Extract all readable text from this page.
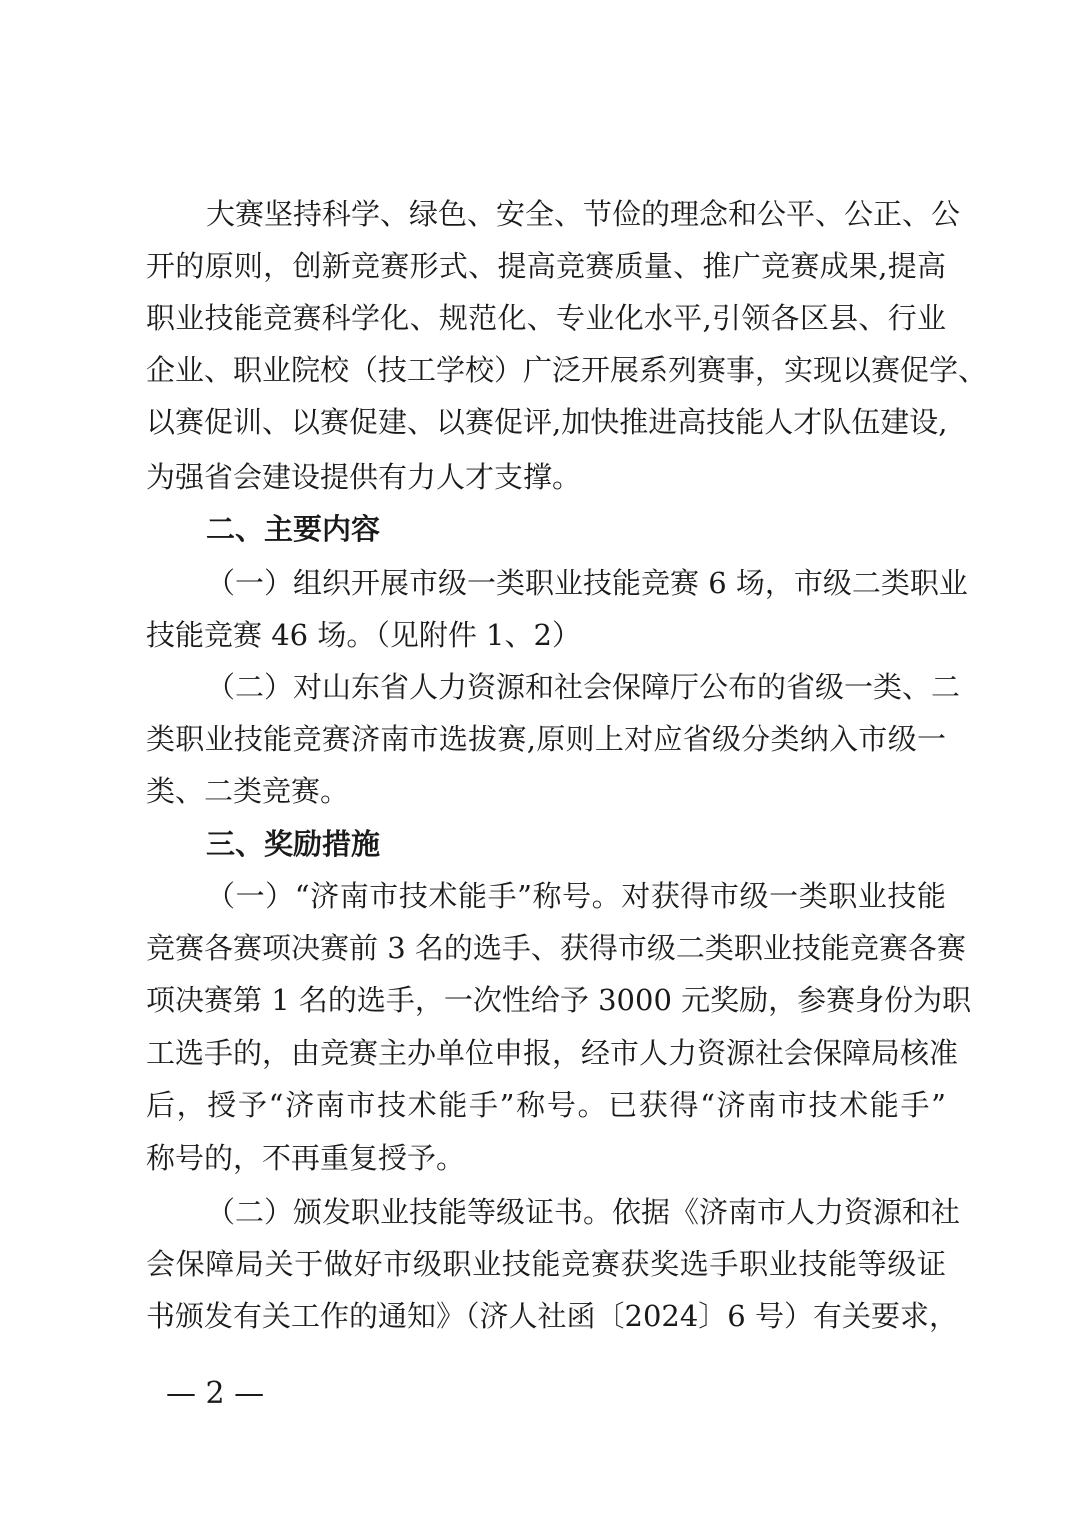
大赛坚持科学、绿色、安全、节俭的理念和公平、公正、公
开的原则，创新竞赛形式、提高竞赛质量、推广竞赛成果,提高
职业技能竞赛科学化、规范化、专业化水平,引领各区县、行业
企业、职业院校（技工学校）广泛开展系列赛事，实现以赛促学、
以赛促训、以赛促建、以赛促评,加快推进高技能人才队伍建设,
为强省会建设提供有力人才支撑。
二、主要内容
（一）组织开展市级一类职业技能竞赛 6 场，市级二类职业
技能竞赛 46 场。（见附件 1、2）
（二）对山东省人力资源和社会保障厅公布的省级一类、二
类职业技能竞赛济南市选拔赛,原则上对应省级分类纳入市级一
类、二类竞赛。
三、奖励措施
（一）“济南市技术能手”称号。对获得市级一类职业技能
竞赛各赛项决赛前 3 名的选手、获得市级二类职业技能竞赛各赛
项决赛第 1 名的选手，一次性给予 3000 元奖励，参赛身份为职
工选手的，由竞赛主办单位申报，经市人力资源社会保障局核准
后，授予“济南市技术能手”称号。已获得“济南市技术能手”
称号的，不再重复授予。
（二）颁发职业技能等级证书。依据《济南市人力资源和社
会保障局关于做好市级职业技能竞赛获奖选手职业技能等级证
书颁发有关工作的通知》（济人社函〔2024〕6 号）有关要求，
— 2 —
